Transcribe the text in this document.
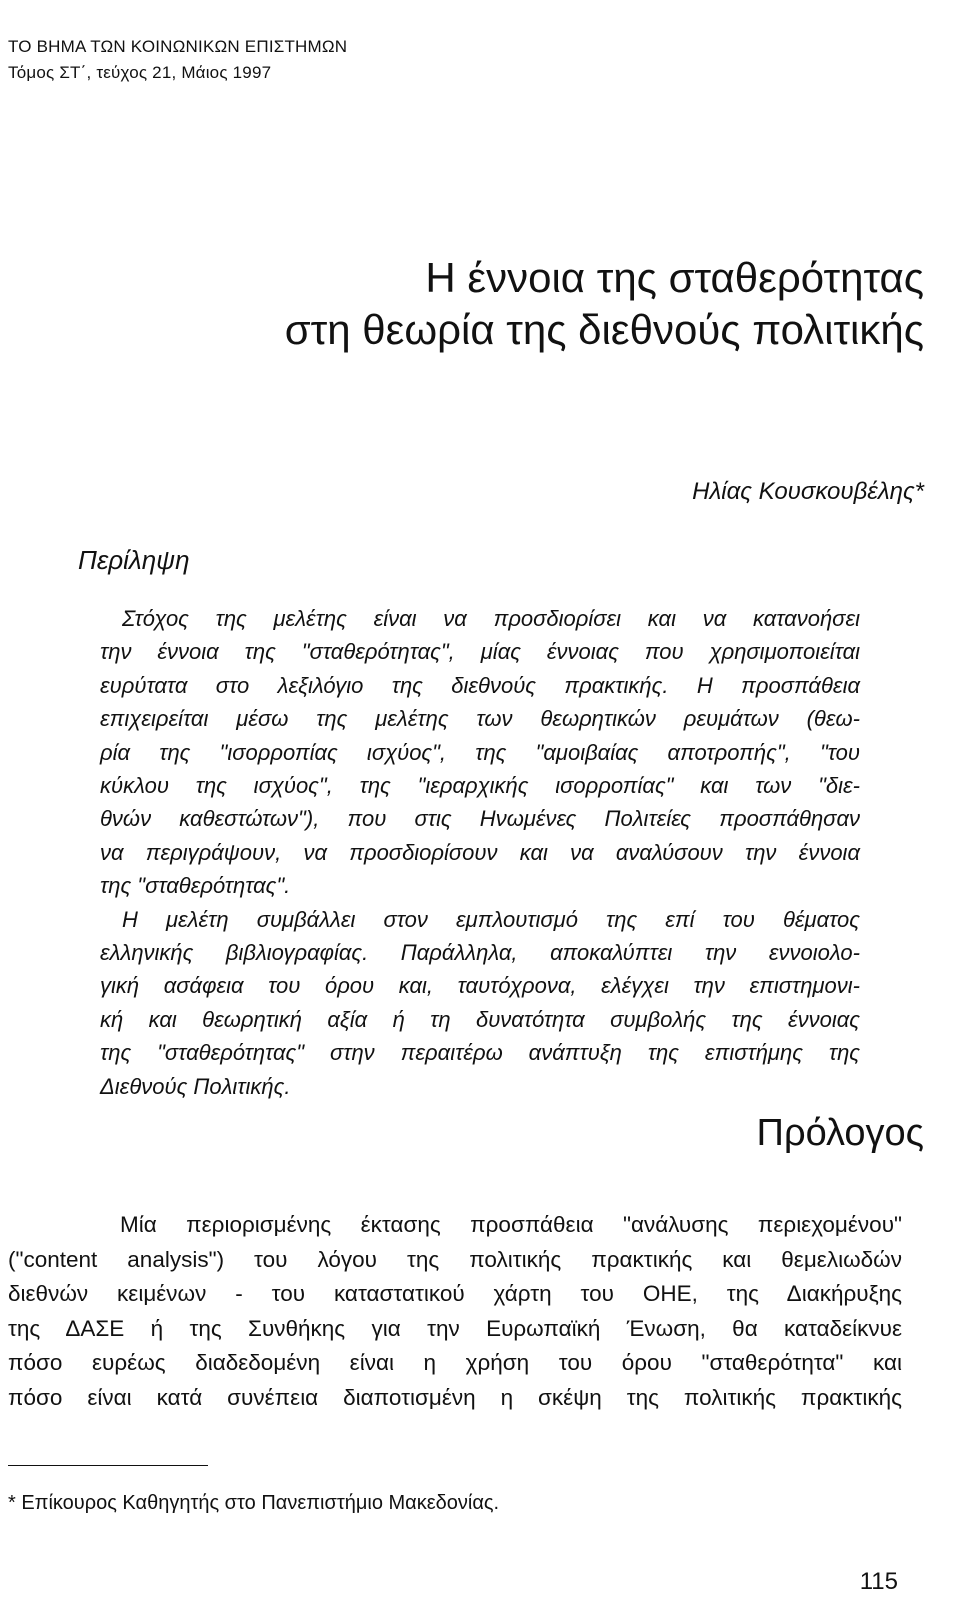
ΤΟ ΒΗΜΑ ΤΩΝ ΚΟΙΝΩΝΙΚΩΝ ΕΠΙΣΤΗΜΩΝ
Τόμος ΣΤ΄, τεύχος 21, Μάιος 1997
Η έννοια της σταθερότητας
στη θεωρία της διεθνούς πολιτικής
Ηλίας Κουσκουβέλης*
Περίληψη

Στόχος της μελέτης είναι να προσδιορίσει και να κατανοήσει
την έννοια της "σταθερότητας", μίας έννοιας που χρησιμοποιείται
ευρύτατα στο λεξιλόγιο της διεθνούς πρακτικής. Η προσπάθεια
επιχειρείται μέσω της μελέτης των θεωρητικών ρευμάτων (θεω-
ρία της "ισορροπίας ισχύος", της "αμοιβαίας αποτροπής", "του
κύκλου της ισχύος", της "ιεραρχικής ισορροπίας" και των "διε-
θνών καθεστώτων"), που στις Ηνωμένες Πολιτείες προσπάθησαν
να περιγράψουν, να προσδιορίσουν και να αναλύσουν την έννοια
της "σταθερότητας".

Η μελέτη συμβάλλει στον εμπλουτισμό της επί του θέματος
ελληνικής βιβλιογραφίας. Παράλληλα, αποκαλύπτει την εννοιολο-
γική ασάφεια του όρου και, ταυτόχρονα, ελέγχει την επιστημονι-
κή και θεωρητική αξία ή τη δυνατότητα συμβολής της έννοιας
της "σταθερότητας" στην περαιτέρω ανάπτυξη της επιστήμης της
Διεθνούς Πολιτικής.

Πρόλογος
Μία περιορισμένης έκτασης προσπάθεια "ανάλυσης περιεχομένου"
("content analysis") του λόγου της πολιτικής πρακτικής και θεμελιωδών
διεθνών κειμένων - του καταστατικού χάρτη του ΟΗΕ, της Διακήρυξης
της ΔΑΣΕ ή της Συνθήκης για την Ευρωπαϊκή Ένωση, θα καταδείκνυε
πόσο ευρέως διαδεδομένη είναι η χρήση του όρου "σταθερότητα" και
πόσο είναι κατά συνέπεια διαποτισμένη η σκέψη της πολιτικής πρακτικής
* Επίκουρος Καθηγητής στο Πανεπιστήμιο Μακεδονίας.
115
